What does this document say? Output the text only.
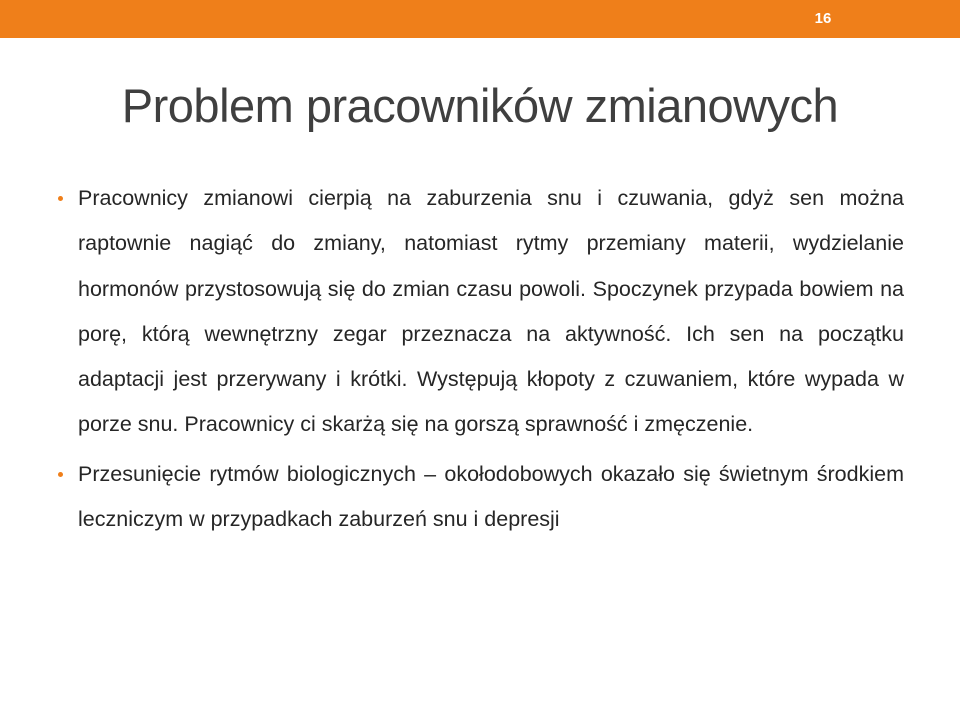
16
Problem pracowników zmianowych
Pracownicy zmianowi cierpią na zaburzenia snu i czuwania, gdyż sen można raptownie nagiąć do zmiany, natomiast rytmy przemiany materii, wydzielanie hormonów przystosowują się do zmian czasu powoli. Spoczynek przypada bowiem na porę, którą wewnętrzny zegar przeznacza na aktywność. Ich sen na początku adaptacji jest przerywany i krótki. Występują kłopoty z czuwaniem, które wypada w porze snu. Pracownicy ci skarżą się na gorszą sprawność i zmęczenie.
Przesunięcie rytmów biologicznych – okołodobowych okazało się świetnym środkiem leczniczym w przypadkach zaburzeń snu i depresji
